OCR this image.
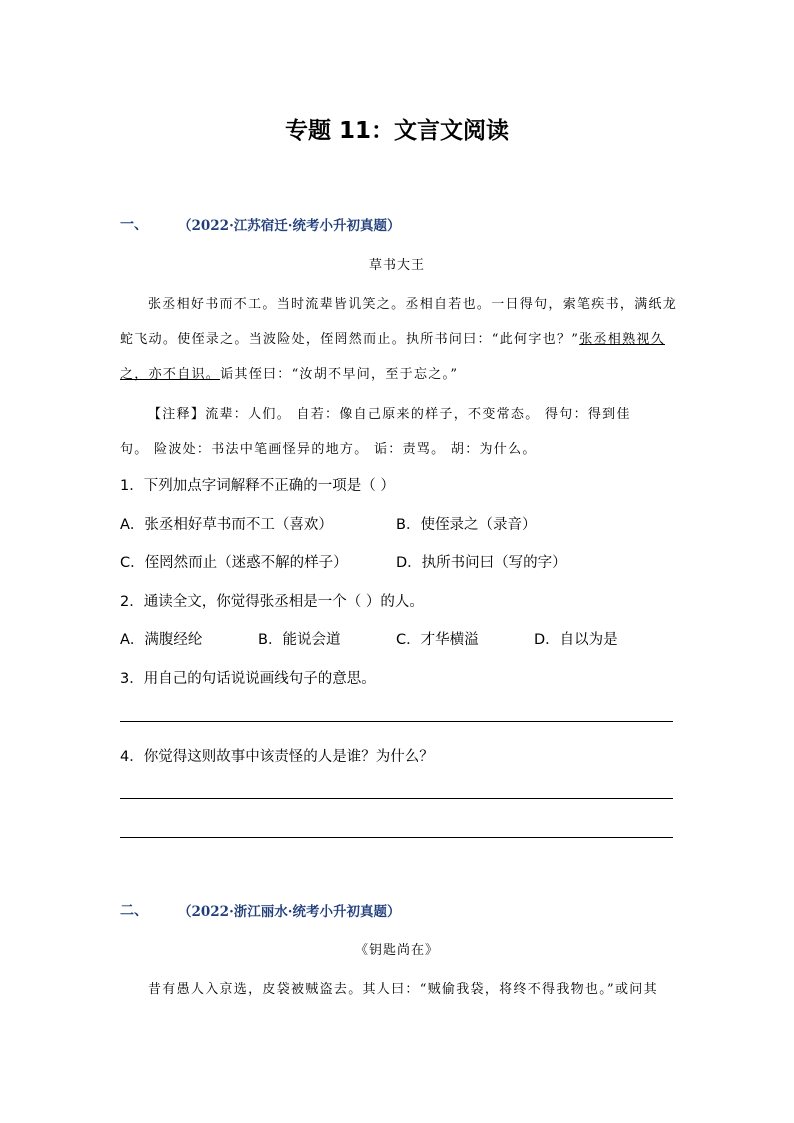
专题 11：文言文阅读
一、 （2022·江苏宿迁·统考小升初真题）
草书大王
张丞相好书而不工。当时流辈皆讥笑之。丞相自若也。一日得句，索笔疾书，满纸龙
蛇飞动。使侄录之。当波险处，侄罔然而止。执所书问曰：“此何字也？”张丞相熟视久
之，亦不自识。诟其侄曰：“汝胡不早问，至于忘之。”
【注释】流辈：人们。 自若：像自己原来的样子，不变常态。 得句：得到佳
句。 险波处：书法中笔画怪异的地方。 诟：责骂。 胡：为什么。
1．下列加点字词解释不正确的一项是（ ）
A．张丞相好草书而不工（喜欢）	B．使侄录之（录音）
C．侄罔然而止（迷惑不解的样子）	D．执所书问曰（写的字）
2．通读全文，你觉得张丞相是一个（ ）的人。
A．满腹经纶	B．能说会道	C．才华横溢	D．自以为是
3．用自己的句话说说画线句子的意思。
4．你觉得这则故事中该责怪的人是谁？为什么？
二、 （2022·浙江丽水·统考小升初真题）
《钥匙尚在》
昔有愚人入京选，皮袋被贼盗去。其人曰：“贼偷我袋，将终不得我物也。”或问其
